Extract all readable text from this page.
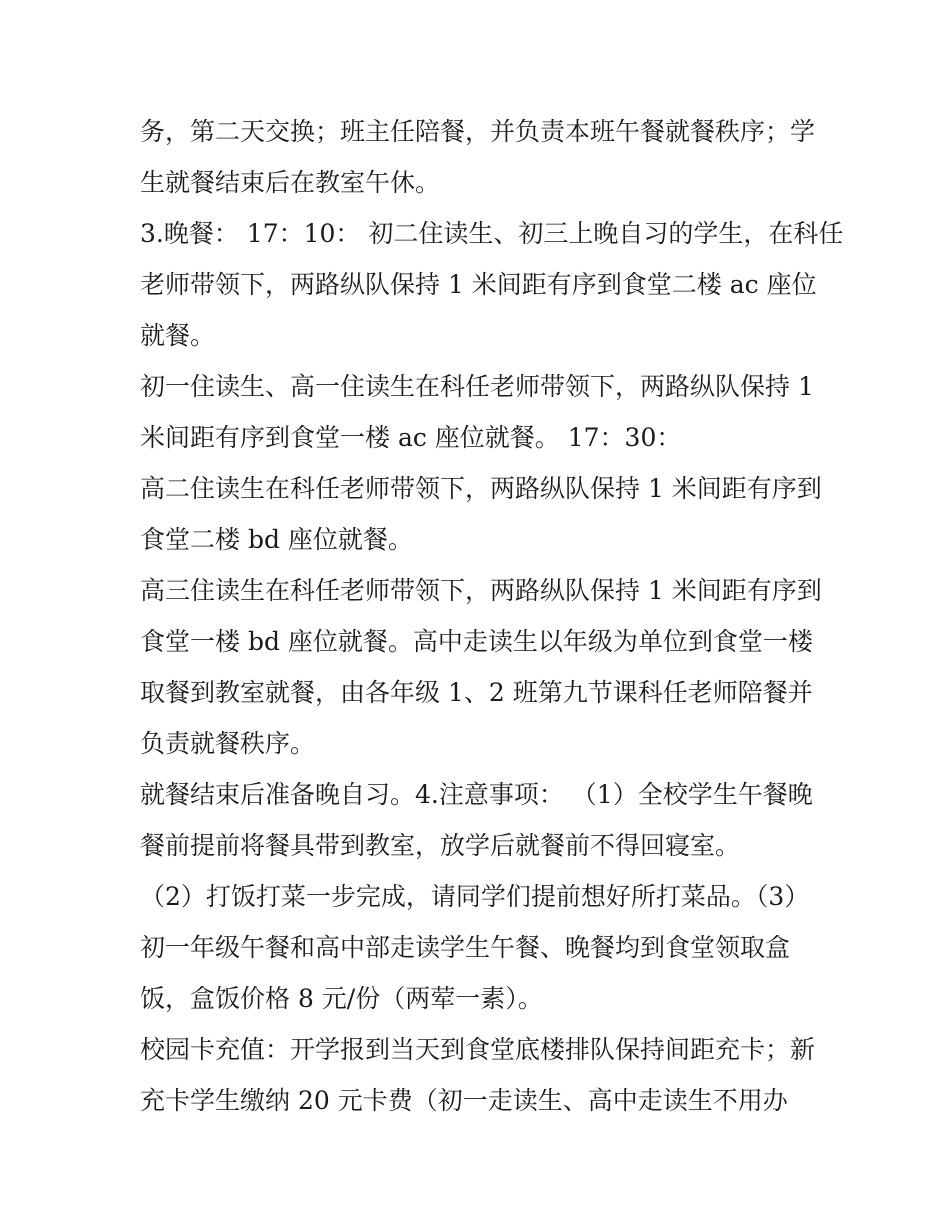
务，第二天交换；班主任陪餐，并负责本班午餐就餐秩序；学
生就餐结束后在教室午休。
3.晚餐： 17：10： 初二住读生、初三上晚自习的学生，在科任
老师带领下，两路纵队保持 1 米间距有序到食堂二楼 ac 座位
就餐。
初一住读生、高一住读生在科任老师带领下，两路纵队保持 1
米间距有序到食堂一楼 ac 座位就餐。 17：30：
高二住读生在科任老师带领下，两路纵队保持 1 米间距有序到
食堂二楼 bd 座位就餐。
高三住读生在科任老师带领下，两路纵队保持 1 米间距有序到
食堂一楼 bd 座位就餐。高中走读生以年级为单位到食堂一楼
取餐到教室就餐，由各年级 1、2 班第九节课科任老师陪餐并
负责就餐秩序。
就餐结束后准备晚自习。4.注意事项： （1）全校学生午餐晚
餐前提前将餐具带到教室，放学后就餐前不得回寝室。
（2）打饭打菜一步完成，请同学们提前想好所打菜品。（3）
初一年级午餐和高中部走读学生午餐、晚餐均到食堂领取盒
饭，盒饭价格 8 元/份（两荤一素）。
校园卡充值：开学报到当天到食堂底楼排队保持间距充卡；新
充卡学生缴纳 20 元卡费（初一走读生、高中走读生不用办
